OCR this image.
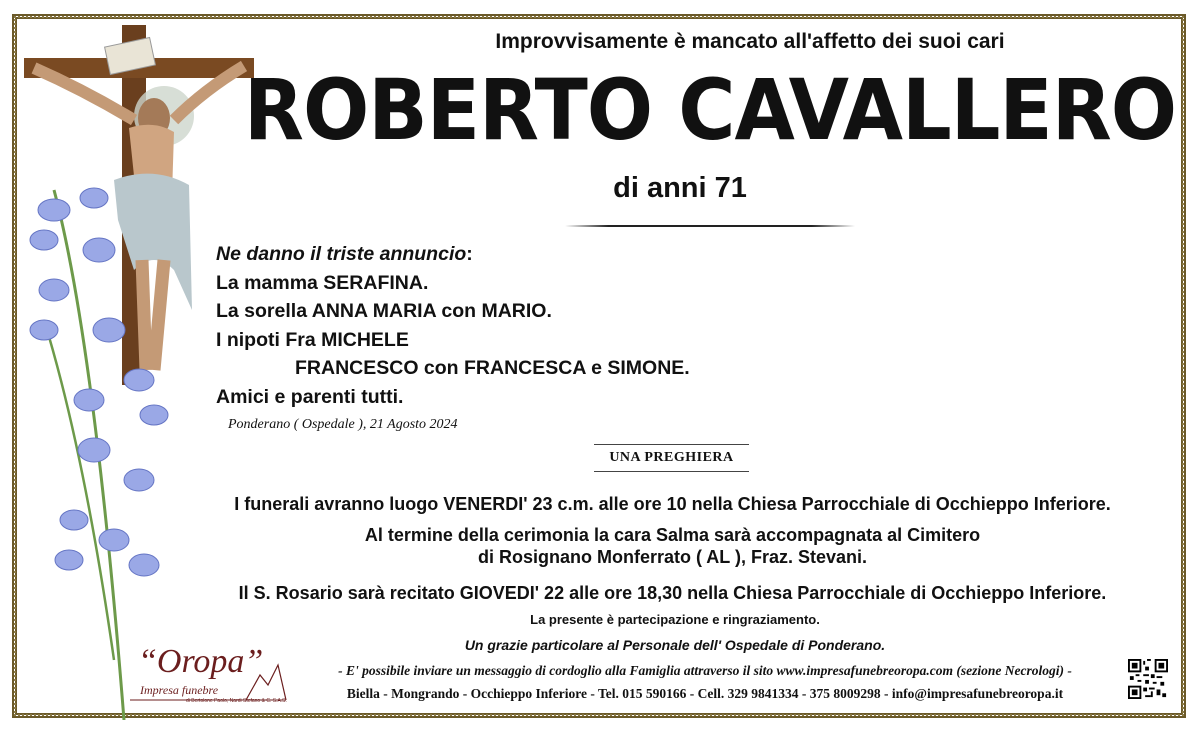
Improvvisamente è mancato all'affetto dei suoi cari
ROBERTO CAVALLERO
di anni 71
Ne danno il triste annuncio:
La mamma SERAFINA.
La sorella ANNA MARIA con MARIO.
I nipoti Fra MICHELE
FRANCESCO con FRANCESCA e SIMONE.
Amici e parenti tutti.
Ponderano ( Ospedale ), 21 Agosto 2024
UNA PREGHIERA
I funerali avranno luogo VENERDI' 23 c.m. alle ore 10 nella Chiesa Parrocchiale di Occhieppo Inferiore.
Al termine della cerimonia la cara Salma sarà accompagnata al Cimitero
di Rosignano Monferrato ( AL ), Fraz. Stevani.
Il S. Rosario sarà recitato GIOVEDI' 22 alle ore 18,30 nella Chiesa Parrocchiale di Occhieppo Inferiore.
La presente è partecipazione e ringraziamento.
Un grazie particolare al Personale dell' Ospedale di Ponderano.
“Oropa”
Impresa funebre
di Bertolone Paolo, Nardi Stefano & C. S.A.S.
- E' possibile inviare un messaggio di cordoglio alla Famiglia attraverso il sito www.impresafunebreoropa.com (sezione Necrologi) -
Biella - Mongrando - Occhieppo Inferiore - Tel. 015 590166 - Cell. 329 9841334 - 375 8009298 - info@impresafunebreoropa.it
